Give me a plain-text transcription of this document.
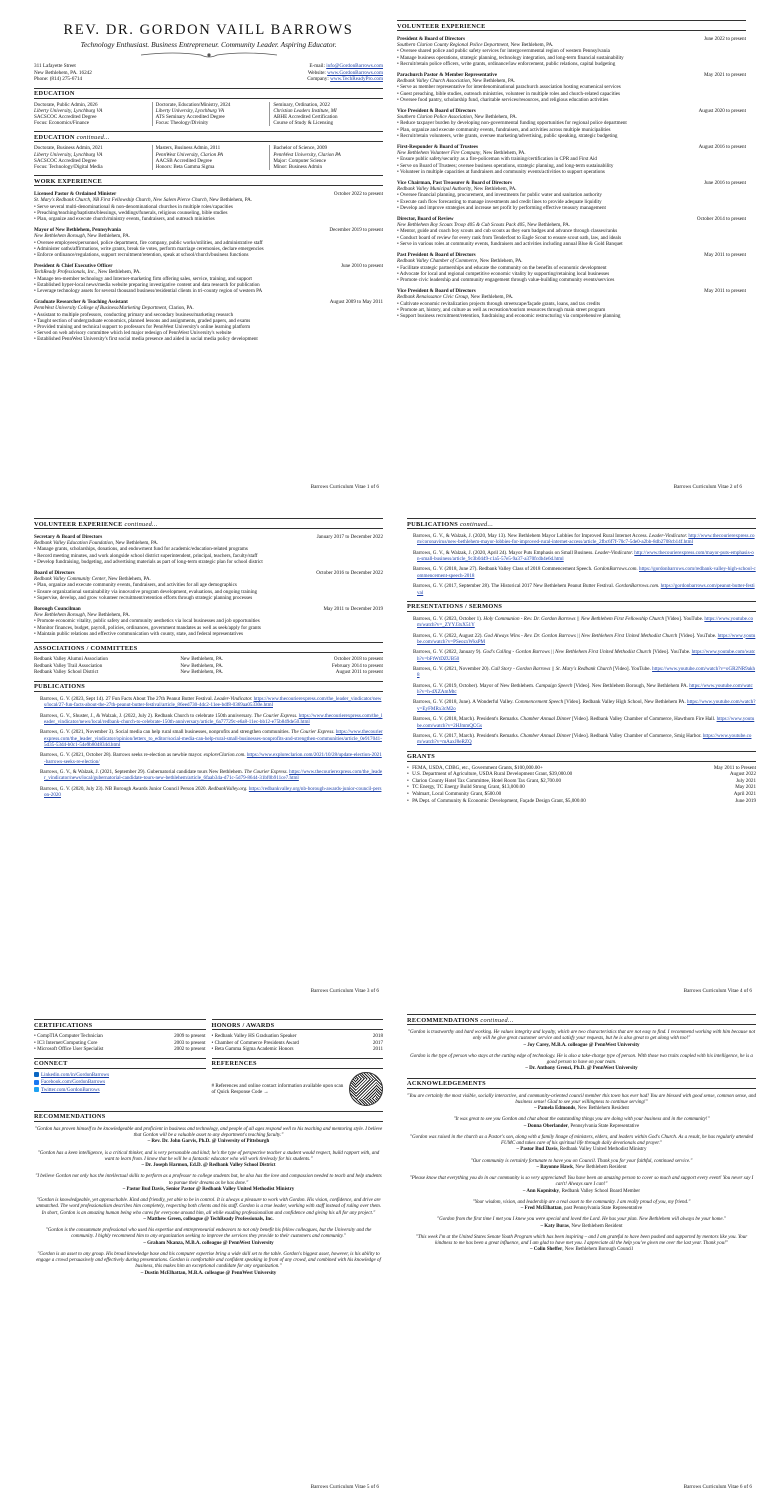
REV. DR. GORDON VAILL BARROWS
Technology Enthusiast. Business Entrepreneur. Community Leader. Aspiring Educator.
311 Lafayette Street
New Bethlehem, PA. 16242
Phone: (814) 275-6714
E-mail: info@GordonBarrows.com
Website: www.GordonBarrows.com
Company: www.TechReadyPro.com
EDUCATION
Doctorate, Public Admin, 2026
Liberty University, Lynchburg VA
SACSCOC Accredited Degree
Focus: Economics/Finance
Doctorate, Education/Ministry, 2024
Liberty University, Lynchburg VA
ATS Seminary Accredited Degree
Focus: Theology/Divinity
Seminary, Ordination, 2022
Christian Leaders Institute, MI
ABHE Accredited Certification
Course of Study & Licensing
EDUCATION continued...
Doctorate, Business Admin, 2021
Liberty University, Lynchburg VA
SACSCOC Accredited Degree
Focus: Technology/Digital Media
Masters, Business Admin, 2011
PennWest University, Clarion PA
AACSB Accredited Degree
Honors: Beta Gamma Sigma
Bachelor of Science, 2009
PennWest University, Clarion PA
Major: Computer Science
Minor: Business Admin
WORK EXPERIENCE
Licensed Pastor & Ordained Minister	October 2022 to present
St. Mary's Redbank Church, NB First Fellowship Church, New Salem Pierce Church, New Bethlehem, PA.
• Serve several multi-denominational & non-denominational churches in multiple roles/capacities
• Preaching/teaching/baptisms/blessings, weddings/funerals, religious counseling, bible studies
• Plan, organize and execute church/ministry events, fundraisers, and outreach ministries
Mayor of New Bethlehem, Pennsylvania	December 2019 to present
New Bethlehem Borough, New Bethlehem, PA.
• Oversee employees/personnel, police department, fire company, public works/utilities, and administrative staff
• Administer oaths/affirmations, write grants, break tie votes, perform marriage ceremonies, declare emergencies
• Enforce ordinance/regulations, support recruitment/retention, speak at school/church/business functions
President & Chief Executive Officer	June 2010 to present
TechReady Professionals, Inc., New Bethlehem, PA.
• Manage ten-member technology and Internet-marketing firm offering sales, service, training, and support
• Established hyper-local news/media website preparing investigative content and data research for publication
• Leverage technology assets for several thousand business/residential clients in tri-county region of western PA
Graduate Researcher & Teaching Assistant	August 2009 to May 2011
PennWest University College of Business/Marketing Department, Clarion, PA.
• Assistant to multiple professors, conducting primary and secondary business/marketing research
• Taught section of undergraduate economics, planned lessons and assignments, graded papers, and exams
• Provided training and technical support to professors for PennWest University's online learning platform
• Served on web advisory committee which led major redesign of PennWest University's website
• Established PennWest University's first social media presence and aided in social media policy development
Barrows Curriculum Vitae 1 of 6
VOLUNTEER EXPERIENCE
President & Board of Directors	June 2022 to present
Southern Clarion County Regional Police Department, New Bethlehem, PA.
• Oversee shared police and public safety services for intergovernmental region of western Pennsylvania
• Manage business operations, strategic planning, technology integration, and long-term financial sustainability
• Recruit/retain police officers, write grants, ordinance/law enforcement, public relations, capital budgeting
Parachurch Pastor & Member Representative	May 2021 to present
Redbank Valley Church Association, New Bethlehem, PA.
• Serve as member representative for interdenominational parachurch association hosting ecumenical services
• Guest preaching, bible studies, outreach ministries, volunteer in multiple roles and church-related capacities
• Oversee food pantry, scholarship fund, charitable services/resources, and religious education activities
Vice President & Board of Directors	August 2020 to present
Southern Clarion Police Association, New Bethlehem, PA.
• Reduce taxpayer burden by developing non-governmental funding opportunities for regional police department
• Plan, organize and execute community events, fundraisers, and activities across multiple municipalities
• Recruit/retain volunteers, write grants, oversee marketing/advertising, public speaking, strategic budgeting
First-Responder & Board of Trustees	August 2016 to present
New Bethlehem Volunteer Fire Company, New Bethlehem, PA.
• Ensure public safety/security as a fire-policeman with training/certification in CPR and First Aid
• Serve on Board of Trustees; oversee business operations, strategic planning, and long-term sustainability
• Volunteer in multiple capacities at fundraisers and community events/activities to support operations
Vice Chairman, Past Treasurer & Board of Directors	June 2016 to present
Redbank Valley Municipal Authority, New Bethlehem, PA.
• Oversee financial planning, procurement, and investments for public water and sanitation authority
• Execute cash flow forecasting to manage investments and credit lines to provide adequate liquidity
• Develop and improve strategies and increase net profit by performing effective treasury management
Director, Board of Review	October 2014 to present
New Bethlehem Boy Scouts Troop 405 & Cub Scouts Pack 405, New Bethlehem, PA.
• Mentor, guide and coach boy scouts and cub scouts as they earn badges and advance through classes/ranks
• Conduct board of review for every rank from Tenderfoot to Eagle Scout to ensure scout oath, law, and ideals
• Serve in various roles at community events, fundraisers and activities including annual Blue & Gold Banquet
Past President & Board of Directors	May 2011 to present
Redbank Valley Chamber of Commerce, New Bethlehem, PA.
• Facilitate strategic partnerships and educate the community on the benefits of economic development
• Advocate for local and regional competitive economic vitality by supporting/retaining local businesses
• Promote civic leadership and community engagement through value-building community events/services
Vice President & Board of Directors	May 2011 to present
Redbank Renaissance Civic Group, New Bethlehem, PA.
• Cultivate economic revitalization projects through streetscape/façade grants, loans, and tax credits
• Promote art, history, and culture as well as recreation/tourism resources through main street program
• Support business recruitment/retention, fundraising and economic restructuring via comprehensive planning
Barrows Curriculum Vitae 2 of 6
VOLUNTEER EXPERIENCE continued...
Secretary & Board of Directors	January 2017 to December 2022
Redbank Valley Education Foundation, New Bethlehem, PA.
• Manage grants, scholarships, donations, and endowment fund for academic/education-related programs
• Record meeting minutes, and work alongside school district superintendent, principal, teachers, faculty/staff
• Develop fundraising, budgeting, and advertising materials as part of long-term strategic plan for school district
Board of Directors	October 2016 to December 2022
Redbank Valley Community Center, New Bethlehem, PA.
• Plan, organize and execute community events, fundraisers, and activities for all age demographics
• Ensure organizational sustainability via innovative program development, evaluations, and ongoing training
• Supervise, develop, and grow volunteer recruitment/retention efforts through strategic planning processes
Borough Councilman	May 2011 to December 2019
New Bethlehem Borough, New Bethlehem, PA.
• Promote economic vitality, public safety and community aesthetics via local businesses and job opportunities
• Monitor finances, budget, payroll, policies, ordinances, government mandates as well as seek/apply for grants
• Maintain public relations and effective communication with county, state, and federal representatives
ASSOCIATIONS / COMMITTEES
Redbank Valley Alumni Association	New Bethlehem, PA.	October 2018 to present
Redbank Valley Trail Association	New Bethlehem, PA.	February 2014 to present
Redbank Valley School District	New Bethlehem, PA.	August 2011 to present
PUBLICATIONS
Barrows, G. V. (2023, Sept 14). 27 Fun Facts About The 27th Peanut Butter Festival. Leader-Vindicator. https://www.thecourierexpress.com/the_leader_vindicator/news/local/27-fun-facts-about-the-27th-peanut-butter-festival/article_86eed730-4dc2-11ee-bdf8-0369aa05330e.html
Barrows, G. V., Shuster, J., & Walzak, J. (2022, July 2). Redbank Church to celebrate 150th anniversary. The Courier Express. https://www.thecourierexpress.com/the_leader_vindicator/news/local/redbank-church-to-celebrate-150th-anniversary/article_6a77729c-e6a8-11ec-bb12-e75b849de50.html
Barrows, G. V. (2021, November 3). Social media can help rural small businesses, nonprofits and strengthen communities. The Courier Express. https://www.thecourierexpress.com/the_leader_vindicator/opinion/letters_to_editor/social-media-can-help-rural-small-businesses-nonprofits-and-strengthen-communities/article_0e917041-5d35-53d4-b0c1-54e9b804834d.html
Barrows, G. V. (2021, October 28). Barrows seeks re-election as newbie mayor. exploreClarion.com. https://www.exploreclarion.com/2021/10/28/update-election-2021-barrows-seeks-re-election/
Barrows, G. V., & Walzak, J. (2021, September 29). Gubernatorial candidate tours New Bethlehem. The Courier Express. https://www.thecourierexpress.com/the_leader_vindicator/news/local/gubernatorial-candidate-tours-new-bethlehem/article_6faab34a-d71c-5d79-8644-31bf0b911ce7.html
Barrows, G. V. (2020, July 23). NB Borough Awards Junior Council Person 2020. RedbankValley.org. https://redbankvalley.org/nb-borough-awards-junior-council-person-2020
Barrows Curriculum Vitae 3 of 6
PUBLICATIONS continued...
Barrows, G. V., & Walzak, J. (2020, May 13). New Bethlehem Mayor Lobbies for Improved Rural Internet Access. Leader-Vindicator. http://www.thecourierexpress.com/coronavirus/new-bethlehem-mayor-lobbies-for-improved-rural-internet-access/article_2fbc6f7f-70c7-5de0-a2bb-8db2708cb14f.html
Barrows, G. V., & Walzak, J. (2020, April 24). Mayor Puts Emphasis on Small Business. Leader-Vindicator. http://www.thecourierexpress.com/mayor-puts-emphasis-on-small-business/article_9c3b0449-c1a5-57e5-9a37-a370fcdb4e6d.html
Barrows, G. V. (2018, June 27). Redbank Valley Class of 2018 Commencement Speech. GordonBarrows.com. https://gordonbarrows.com/redbank-valley-high-school-commencement-speech-2018
Barrows, G. V. (2017, September 28). The Historical 2017 New Bethlehem Peanut Butter Festival. GordonBarrows.com. https://gordonbarrows.com/peanut-butter-festival
PRESENTATIONS / SERMONS
Barrows, G. V. (2023, October 1). Holy Communion - Rev. Dr. Gordon Barrows || New Bethlehem First Fellowship Church [Video]. YouTube. https://www.youtube.com/watch?v=_ZYYJ3xX51Y
Barrows, G. V. (2022, August 22). God Always Wins - Rev. Dr. Gordon Barrows || New Bethlehem First United Methodist Church [Video]. YouTube. https://www.youtube.com/watch?v=PSeozxWksPM
Barrows, G. V. (2022, January 9). God's Calling - Gordon Barrows || New Bethlehem First United Methodist Church [Video]. YouTube. https://www.youtube.com/watch?v=bFtWtDZUB50
Barrows, G. V. (2021, November 20). Call Story - Gordon Barrows || St. Mary's Redbank Church [Video]. YouTube. https://www.youtube.com/watch?v=oGR2NR9akh8
Barrows, G. V. (2019, October). Mayor of New Bethlehem. Campaign Speech [Video]. New Bethlehem Borough, New Bethlehem PA. https://www.youtube.com/watch?v=h-dXZAmMtc
Barrows, G. V. (2018, June). A Wonderful Valley. Commencement Speech [Video]. Redbank Valley High School, New Bethlehem PA. https://www.youtube.com/watch?v=EyFMRx3cM2o
Barrows, G. V. (2018, March). President's Remarks. Chamber Annual Dinner [Video]. Redbank Valley Chamber of Commerce, Hawthorn Fire Hall. https://www.youtube.com/watch?v=2HJmmQCGs
Barrows, G. V. (2017, March). President's Remarks. Chamber Annual Dinner [Video]. Redbank Valley Chamber of Commerce, Smig Harbor. https://www.youtube.com/watch?v=mAaxJ8eRZQ
GRANTS
• FEMA, USDA, CDBG, etc., Government Grants, $100,000.00+	May 2011 to Present
• U.S. Department of Agriculture, USDA Rural Development Grant, $39,000.00	August 2022
• Clarion County Hotel Tax Committee, Hotel Room Tax Grant, $2,700.00	July 2021
• TC Energy, TC Energy Build Strong Grant, $13,000.00	May 2021
• Walmart, Local Community Grant, $500.00	April 2021
• PA Dept. of Community & Economic Development, Façade Design Grant, $5,000.00	June 2019
Barrows Curriculum Vitae 4 of 6
CERTIFICATIONS
• CompTIA Computer Technician	2009 to present
• IC3 Internet/Computing Core	2003 to present
• Microsoft Office User Specialist	2002 to present
HONORS / AWARDS
• Redbank Valley HS Graduation Speaker	2018
• Chamber of Commerce Presidents Award	2017
• Beta Gamma Sigma Academic Honors	2011
CONNECT
Linkedin.com/in/GordonBarrows
Facebook.com/GordonBarrows
Twitter.com/GordonBarrows
REFERENCES
# References and online contact information available upon scan of Quick Response Code →
RECOMMENDATIONS
"Gordon has proven himself to be knowledgeable and proficient in business and technology, and people of all ages respond well to his teaching and mentoring style. I believe that Gordon will be a valuable asset to any department's teaching faculty."
– Rev. Dr. John Garvis, Ph.D. @ University of Pittsburgh
"Gordon has a keen intelligence, is a critical thinker, and is very personable and kind; he's the type of perspective teacher a student would respect, build rapport with, and want to learn from. I know that he will be a fantastic educator who will work tirelessly for his students."
– Dr. Joseph Harmon, Ed.D. @ Redbank Valley School District
"I believe Gordon not only has the intellectual skills to perform as a professor to college students but, he also has the love and compassion needed to teach and help students to pursue their dreams as he has done."
– Pastor Bud Davis, Senior Pastor @ Redbank Valley United Methodist Ministry
"Gordon is knowledgeable, yet approachable. Kind and friendly, yet able to be in control. It is always a pleasure to work with Gordon. His vision, confidence, and drive are unmatched. The word professionalism describes him completely, respecting both clients and his staff. Gordon is a true leader, working with staff instead of ruling over them. In short, Gordon is an amazing human being who cares for everyone around him, all while exuding professionalism and confidence and giving his all for any project."
– Matthew Green, colleague @ TechReady Professionals, Inc.
"Gordon is the consummate professional who used his expertise and entrepreneurial endeavors to not only benefit his fellow colleagues, but the University and the community. I highly recommend him to any organization seeking to improve the services they provide to their customers and community."
– Graham Nkanza, M.B.A. colleague @ PennWest University
"Gordon is an asset to any group. His broad knowledge base and his computer expertise bring a wide skill set to the table. Gordon's biggest asset, however, is his ability to engage a crowd persuasively and effectively during presentations. Gordon is comfortable and confident speaking in front of any crowd, and combined with his knowledge of business, this makes him an exceptional candidate for any organization."
– Dustin McElhattan, M.B.A. colleague @ PennWest University
Barrows Curriculum Vitae 5 of 6
RECOMMENDATIONS continued...
"Gordon is trustworthy and hard working. He values integrity and loyalty, which are two characteristics that are not easy to find. I recommend working with him because not only will he give great customer service and satisfy your requests, but he is also great to get along with too!"
– Joy Carey, M.B.A. colleague @ PennWest University
Gordon is the type of person who stays at the cutting edge of technology. He is also a take-charge type of person. With those two traits coupled with his intelligence, he is a good person to have on your team.
– Dr. Anthony Grenci, Ph.D. @ PennWest University
ACKNOWLEDGEMENTS
"You are certainly the most visible, socially interactive, and community-oriented council member this town has ever had! You are blessed with good sense, common sense, and business sense! Glad to see your willingness to continue serving!"
– Pamela Edmonds, New Bethlehem Resident
"It was great to see you Gordon and chat about the outstanding things you are doing with your business and in the community!"
– Donna Oberlander, Pennsylvania State Representative
"Gordon was raised in the church as a Pastor's son, along with a family linage of ministers, elders, and leaders within God's Church. As a result, he has regularly attended FUMC and takes care of his spiritual life through daily devotionals and prayer."
– Pastor Bud Davis, Redbank Valley United Methodist Ministry
"Our community is certainly fortunate to have you on Council. Thank you for your faithful, continued service."
– Bayonne Hawk, New Bethlehem Resident
"Please know that everything you do in our community is so very appreciated! You have been an amazing person to cover so much and support every event! You never say I can't! Always sure I can!"
– Ann Kopnitsky, Redbank Valley School Board Member
"Your wisdom, vision, and leadership are a real asset to the community. I am really proud of you, my friend."
– Fred McElhattan, past Pennsylvania State Representative
"Gordon from the first time I met you I knew you were special and loved the Lord. He has your plan. New Bethlehem will always be your home."
– Katy Buras, New Bethlehem Resident
"This week I'm at the United States Senate Youth Program which has been inspiring – and I am grateful to have been pushed and supported by mentors like you. Your kindness to me has been a great influence, and I am glad to have met you. I appreciate all the help you've given me over the last year. Thank you!"
– Colin Sheffer, New Bethlehem Borough Council
Barrows Curriculum Vitae 6 of 6
